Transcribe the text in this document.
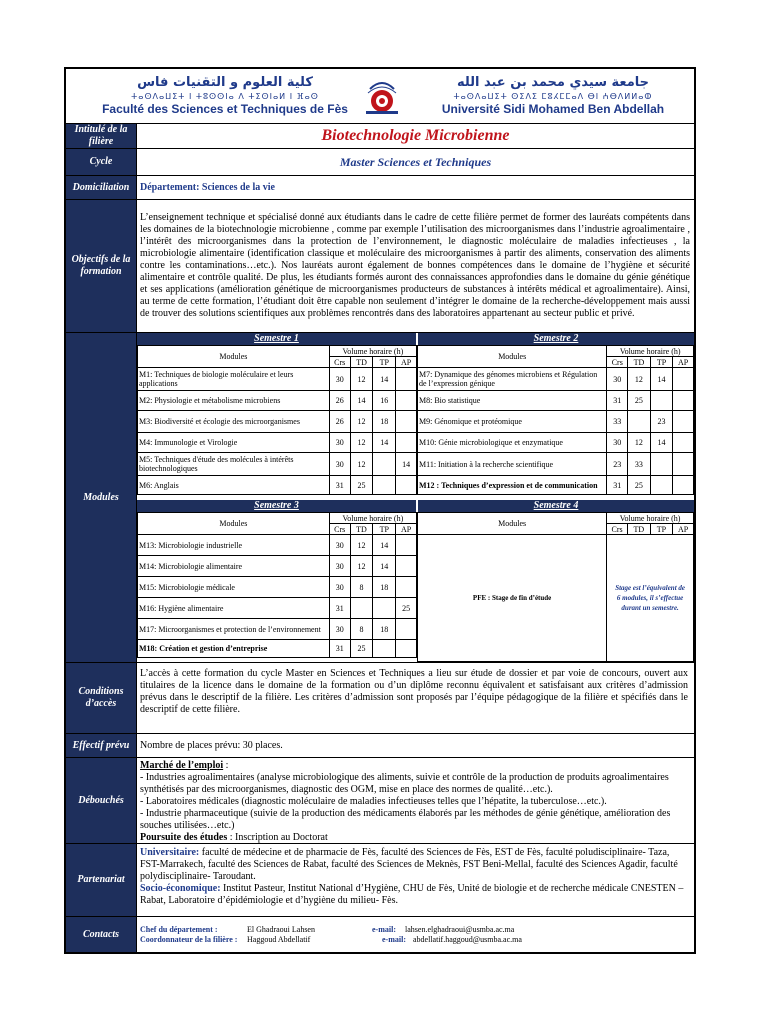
كلية العلوم و التقنيات فاس
ⵜⴰⵙⴷⴰⵡⵉⵜ ⵏ ⵜⵓⵙⵙⵏⴰ ⴷ ⵜⵉⵙⵏⴰⵍ ⵏ ⴼⴰⵙ
Faculté des Sciences et Techniques de Fès
جامعة سيدي محمد بن عبد الله
ⵜⴰⵙⴷⴰⵡⵉⵜ ⵙⵉⴷⵉ ⵎⵓⵃⵎⵎⴰⴷ ⴱⵏ ⵄⴱⴷⵍⵍⴰⵀ
Université Sidi Mohamed Ben Abdellah
Intitulé de la filière	Biotechnologie Microbienne
Cycle	Master Sciences et Techniques
Domiciliation	Département: Sciences de la vie
Objectifs de la formation
L’enseignement technique et spécialisé donné aux étudiants dans le cadre de cette filière permet de former des lauréats compétents dans les domaines de la biotechnologie microbienne , comme par exemple l’utilisation des microorganismes dans l’industrie agroalimentaire , l’intérêt des microorganismes dans la protection de l’environnement, le diagnostic moléculaire de maladies infectieuses , la microbiologie alimentaire (identification classique et moléculaire des microorganismes à partir des aliments, conservation des aliments contre les contaminations…etc.). Nos lauréats auront également de bonnes compétences dans le domaine de l’hygiène et sécurité alimentaire et contrôle qualité. De plus, les étudiants formés auront des connaissances approfondies dans le domaine du génie génétique et ses applications (amélioration génétique de microorganismes producteurs de substances à intérêts médical et agroalimentaire). Ainsi, au terme de cette formation, l’étudiant doit être capable non seulement d’intégrer le domaine de la recherche-développement mais aussi de trouver des solutions scientifiques aux problèmes rencontrés dans des laboratoires appartenant au secteur public et privé.
Modules
Semestre 1
Modules	Volume horaire (h)			
	Crs	TD	TP	AP
M1: Techniques de biologie moléculaire et leurs applications	30	12	14	
M2: Physiologie et métabolisme microbiens	26	14	16	
M3: Biodiversité et écologie des microorganismes	26	12	18	
M4: Immunologie et Virologie	30	12	14	
M5: Techniques d'étude des molécules à intérêts biotechnologiques	30	12		14
M6: Anglais	31	25		
Semestre 2
Modules	Volume horaire (h)			
	Crs	TD	TP	AP
M7: Dynamique des génomes microbiens et Régulation de l’expression génique	30	12	14	
M8: Bio statistique	31	25		
M9: Génomique et protéomique	33		23	
M10: Génie microbiologique et enzymatique	30	12	14	
M11: Initiation à la recherche scientifique	23	33		
M12 : Techniques d’expression et de communication	31	25		
Semestre 3
Modules	Volume horaire (h)			
	Crs	TD	TP	AP
M13: Microbiologie industrielle	30	12	14	
M14: Microbiologie alimentaire	30	12	14	
M15: Microbiologie médicale	30	8	18	
M16: Hygiène alimentaire	31			25
M17: Microorganismes et protection de l’environnement	30	8	18	
M18: Création et gestion d’entreprise	31	25		
Semestre 4
Modules	Volume horaire (h)			
	Crs	TD	TP	AP
PFE : Stage de fin d’étude	Stage est l’équivalent de 6 modules, il s’effectue durant un semestre.			
Conditions d’accès
L’accès à cette formation du cycle Master en Sciences et Techniques a lieu sur étude de dossier et par voie de concours, ouvert aux titulaires de la licence dans le domaine de la formation ou d’un diplôme reconnu équivalent et satisfaisant aux critères d’admission prévus dans le descriptif de la filière. Les critères d’admission sont proposés par l’équipe pédagogique de la filière et spécifiés dans le descriptif de cette filière.
Effectif prévu	Nombre de places prévu: 30 places.
Débouchés
Marché de l’emploi :
- Industries agroalimentaires (analyse microbiologique des aliments, suivie et contrôle de la production de produits agroalimentaires synthétisés par des microorganismes, diagnostic des OGM, mise en place des normes de qualité…etc.).
- Laboratoires médicales (diagnostic moléculaire de maladies infectieuses telles que l’hépatite, la tuberculose…etc.).
- Industrie pharmaceutique (suivie de la production des médicaments élaborés par les méthodes de génie génétique, amélioration des souches utilisées…etc.)
Poursuite des études : Inscription au Doctorat
Partenariat
Universitaire: faculté de médecine et de pharmacie de Fès, faculté des Sciences de Fès, EST de Fès, faculté poludisciplinaire- Taza, FST-Marrakech, faculté des Sciences de Rabat, faculté des Sciences de Meknès, FST Beni-Mellal, faculté des Sciences Agadir, faculté polydisciplinaire- Taroudant.
Socio-économique: Institut Pasteur, Institut National d’Hygiène, CHU de Fès, Unité de biologie et de recherche médicale CNESTEN – Rabat, Laboratoire d’épidémiologie et d’hygiène du milieu- Fès.
Contacts	Chef du département :	El Ghadraoui Lahsen	e-mail: lahsen.elghadraoui@usmba.ac.ma
Coordonnateur de la filière : Haggoud Abdellatif	e-mail: abdellatif.haggoud@usmba.ac.ma
